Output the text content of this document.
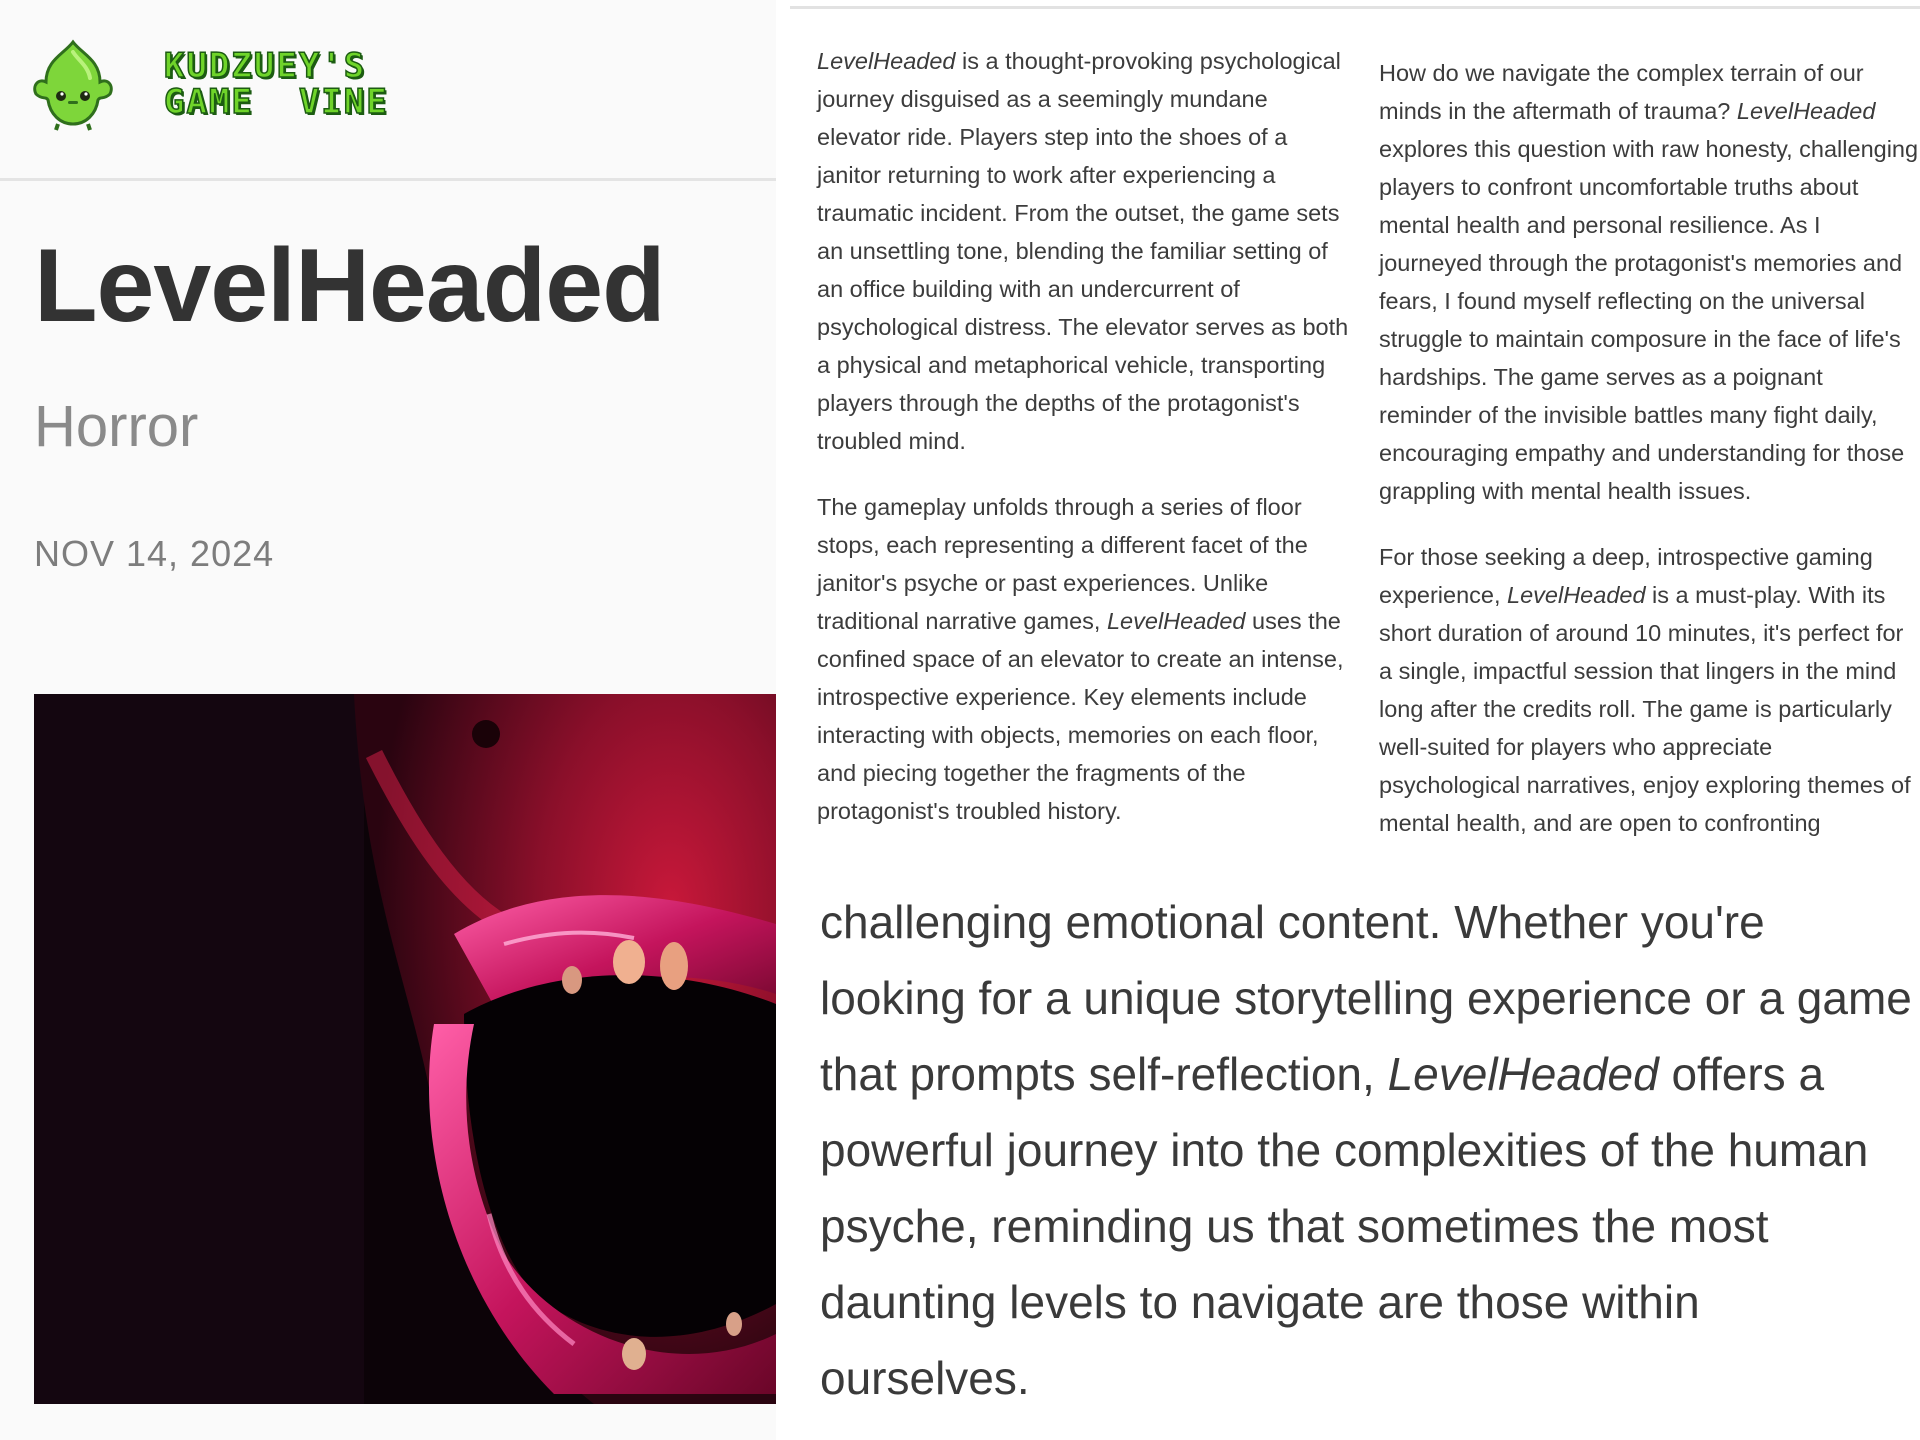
KUDZUEY'S
GAME  VINE
LevelHeaded
Horror
NOV 14, 2024

LevelHeaded is a thought-provoking psychological journey disguised as a seemingly mundane elevator ride. Players step into the shoes of a janitor returning to work after experiencing a traumatic incident. From the outset, the game sets an unsettling tone, blending the familiar setting of an office building with an undercurrent of psychological distress. The elevator serves as both a physical and metaphorical vehicle, transporting players through the depths of the protagonist's troubled mind.

The gameplay unfolds through a series of floor stops, each representing a different facet of the janitor's psyche or past experiences. Unlike traditional narrative games, LevelHeaded uses the confined space of an elevator to create an intense, introspective experience. Key elements include interacting with objects, memories on each floor, and piecing together the fragments of the protagonist's troubled history.

How do we navigate the complex terrain of our minds in the aftermath of trauma? LevelHeaded explores this question with raw honesty, challenging players to confront uncomfortable truths about mental health and personal resilience. As I journeyed through the protagonist's memories and fears, I found myself reflecting on the universal struggle to maintain composure in the face of life's hardships. The game serves as a poignant reminder of the invisible battles many fight daily, encouraging empathy and understanding for those grappling with mental health issues.

For those seeking a deep, introspective gaming experience, LevelHeaded is a must-play. With its short duration of around 10 minutes, it's perfect for a single, impactful session that lingers in the mind long after the credits roll. The game is particularly well-suited for players who appreciate psychological narratives, enjoy exploring themes of mental health, and are open to confronting

challenging emotional content. Whether you're looking for a unique storytelling experience or a game that prompts self-reflection, LevelHeaded offers a powerful journey into the complexities of the human psyche, reminding us that sometimes the most daunting levels to navigate are those within ourselves.
